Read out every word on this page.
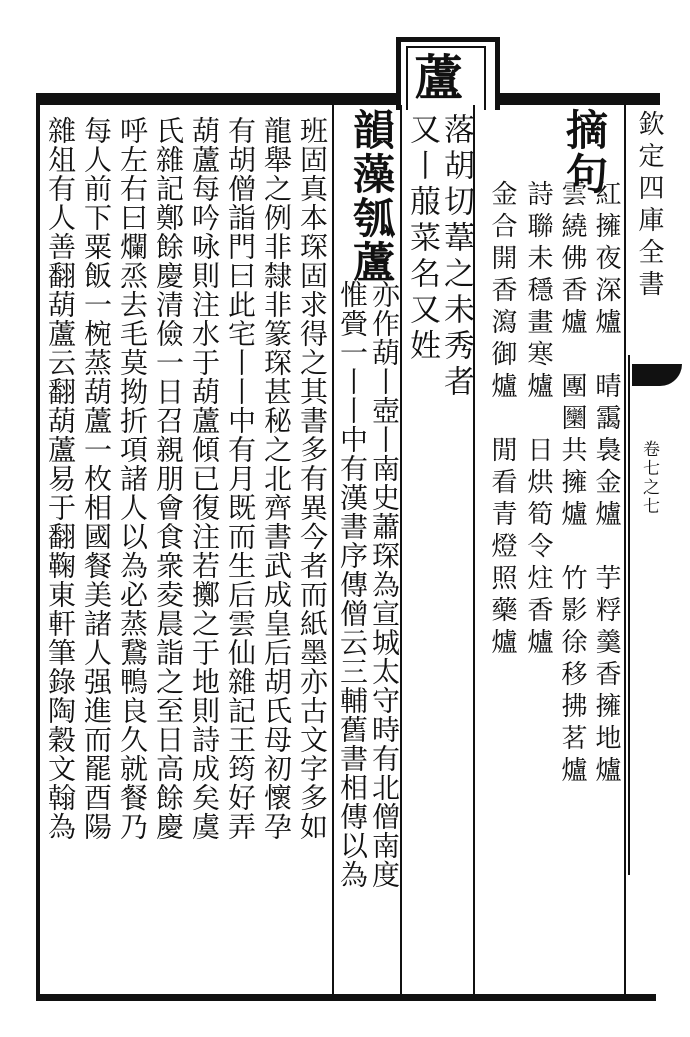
蘆
欽定四庫全書
卷七之七
摘句
紅擁夜深爐　晴靄裊金爐　芋粰羹香擁地爐
雲繞佛香爐　團圞共擁爐　竹影徐移拂茗爐
詩聯未穩畫寒爐　日烘筍令炷香爐
金合開香瀉御爐　閒看青燈照藥爐
落胡切葦之未秀者
又丨菔菜名又姓
韻藻
瓠蘆
亦作葫丨壺丨南史蕭琛為宣城太守時有北僧南度
惟賫一丨丨中有漢書序傳僧云三輔舊書相傳以為
班固真本琛固求得之其書多有異今者而紙墨亦古文字多如
龍舉之例非隸非篆琛甚秘之北齊書武成皇后胡氏母初懷孕
有胡僧詣門曰此宅丨丨中有月既而生后雲仙雜記王筠好弄
葫蘆每吟咏則注水于葫蘆傾已復注若擲之于地則詩成矣虞
氏雜記鄭餘慶清儉一日召親朋會食衆夌晨詣之至日高餘慶
呼左右曰爛烝去毛莫拗折項諸人以為必蒸鵞鴨良久就餐乃
每人前下粟飯一椀蒸葫蘆一枚相國餐美諸人强進而罷酉陽
雜俎有人善翻葫蘆云翻葫蘆易于翻鞠東軒筆錄陶穀文翰為
